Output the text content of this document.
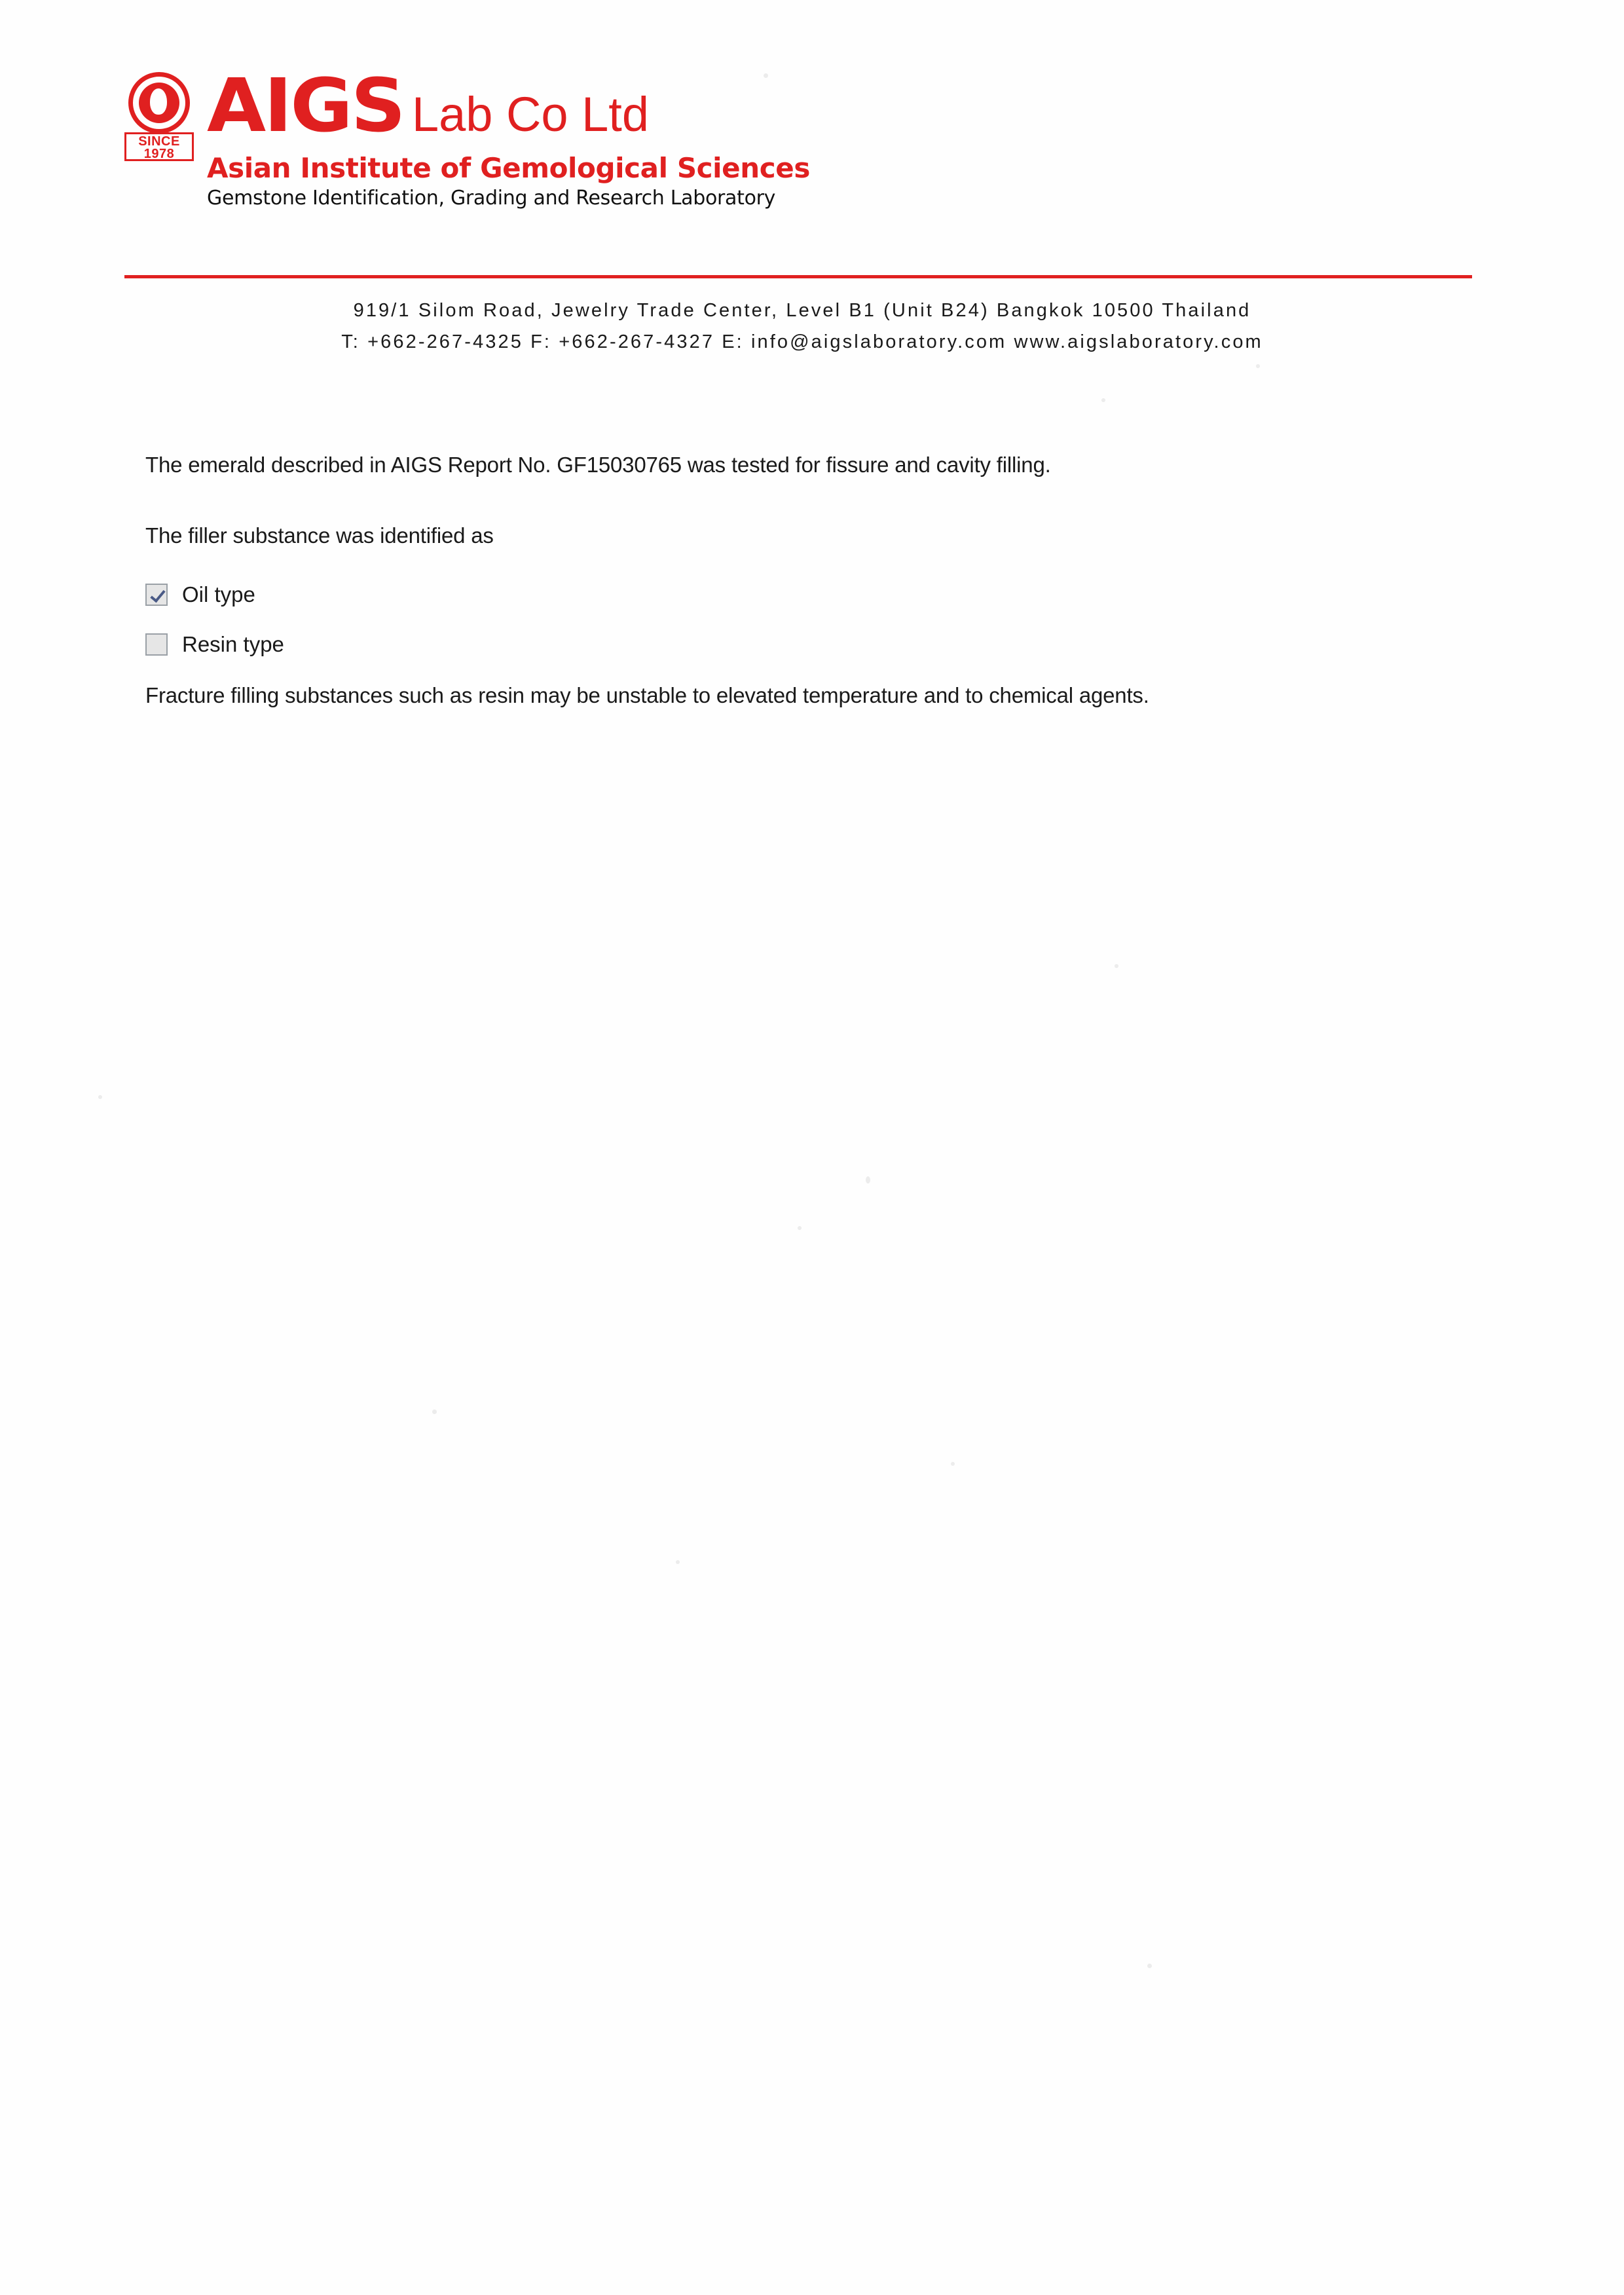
SINCE
1978
AIGS Lab Co Ltd
Asian Institute of Gemological Sciences
Gemstone Identification, Grading and Research Laboratory
919/1 Silom Road, Jewelry Trade Center, Level B1 (Unit B24) Bangkok 10500 Thailand
T: +662-267-4325 F: +662-267-4327 E: info@aigslaboratory.com www.aigslaboratory.com
The emerald described in AIGS Report No. GF15030765 was tested for fissure and cavity filling.
The filler substance was identified as
Oil type
Resin type
Fracture filling substances such as resin may be unstable to elevated temperature and to chemical agents.
